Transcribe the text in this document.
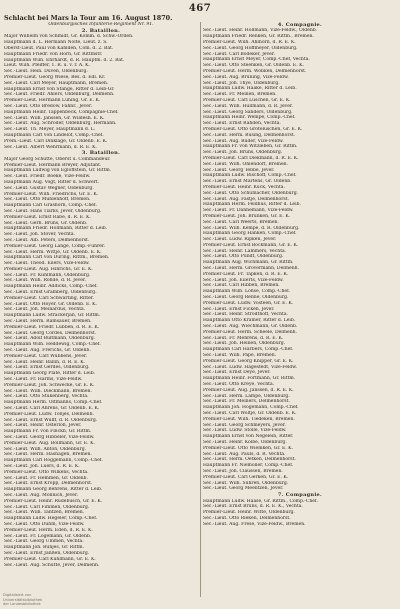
467
Schlacht bei Mars la Tour am 16. August 1870.
Oldenburgisches Infanterie-Regiment Nr. 91.
2. Bataillon.
Major Wilhelm von Schmidt, Gr. Komm. d. Schw.-Orden.
Hauptmann d. L. Hermann Nolte, Lieut. z. S.
Oberst-Lieut. Paul von Kahlden, Com. d. 2. Bat.
Hauptmann Friedr. von Horn, Gr. Rittmstr.
Hauptmann Wilh. Ehrhardt, d. R. Hauptm. d. 2. Bat.
Lieut. Wilh. Pfeiffer, 1. R. u. v. r. A. K.
Sec.-Lieut. Hein. Duven, Oldenburg.
Premier-Lieut. Georg Wiese, Bes. d. Edl. Kr.
Sec.-Lieut. Carl Meyer, Hauptmann, Bremen.
Hauptmann Ernst von Stange, Ritter d. Leib-Gr.
Sec.-Lieut. Friedr. Ahlers, Oldenburg, Delmenh.
Premier-Lieut. Hermann Lüning, Gr. E. K.
Sec.-Lieut. Otto Bredow, Fähnr., Jever.
Hauptmann Heinr. Tappenbeck, Compagnie-Chef.
Sec.-Lieut. Wilh. Janssen, Gr. Wildesh. E. K.
Sec.-Lieut. Aug. Schröder, Oldenburg, Hermann.
Sec.-Lieut. Th. Meyer, Hauptmann d. L.
Hauptmann Carl von Lindelof, Comp.-Chef.
Prem.-Lieut. Carl Dinklage, Gr. Oldenb. E. K.
Sec.-Lieut. Albert Wehrmann, d. R. E. K.
3. Bataillon.
Major Georg Schütte, Oberst u. Commandeur.
Premier-Lieut. Hermann Breyer, Adjutant.
Hauptmann Ludwig von Egloffstein, Gr. Rittm.
Sec.-Lieut. Friedr. Boeke, Vize-Feldw.
Hauptmann Aug. Vogt, Ritter d. Schwert.
Sec.-Lieut. Gustav Wegner, Oldenburg.
Premier-Lieut. Wilh. Friedrichs, Gr. E. K.
Sec.-Lieut. Otto Mühlenhoff, Bremen.
Hauptmann Carl Grashorn, Comp.-Chef.
Sec.-Lieut. Hans Tiarks, Jever, Oldenburg.
Premier-Lieut. Ernst Rabe, d. R. E. K.
Sec.-Lieut. Gerh. Bruns, Gr. Oldenb.
Hauptmann Friedr. Hollmann, Ritter d. Leib.
Sec.-Lieut. Joh. Stöver, Vechta.
Sec.-Lieut. Alb. Peters, Delmenhorst.
Premier-Lieut. Georg Lange, Comp.-Führer.
Sec.-Lieut. Herm. Wittje, Gr. Oldenb. E. K.
Hauptmann Carl von Düring, Rittm., Bremen.
Sec.-Lieut. Theod. Eilers, Vize-Feldw.
Premier-Lieut. Aug. Hinrichs, Gr. E. K.
Sec.-Lieut. Fr. Kuhlmann, Oldenburg.
Sec.-Lieut. Wilh. Rohde, d. R. Jever.
Hauptmann Heinr. Addicks, Comp.-Chef.
Sec.-Lieut. Ernst Gramberg, Oldenburg.
Premier-Lieut. Carl Schwarting, Ritter.
Sec.-Lieut. Otto Hoyer, Gr. Oldenb. E. K.
Sec.-Lieut. Joh. Meinardus, Vechta.
Hauptmann Ludw. Strackerjan, Gr. Rittm.
Sec.-Lieut. Herm. Ramsauer, Bremen.
Premier-Lieut. Friedr. Lübben, d. R. E. K.
Sec.-Lieut. Georg Cordes, Delmenhorst.
Sec.-Lieut. Adolf Bultmann, Oldenburg.
Hauptmann Wilh. Heddewig, Comp.-Chef.
Sec.-Lieut. Aug. Frerichs, Gr. Oldenb.
Premier-Lieut. Carl Wübbens, Jever.
Sec.-Lieut. Heinr. Ballin, d. R. E. K.
Sec.-Lieut. Ernst Gerdes, Oldenburg.
Hauptmann Georg Plate, Ritter d. Leib.
Sec.-Lieut. Fr. Harms, Vize-Feldw.
Premier-Lieut. Joh. Schwecke, Gr. E. K.
Sec.-Lieut. Wilh. Dieckmann, Bremen.
Sec.-Lieut. Otto Stukenberg, Vechta.
Hauptmann Herm. Oltmanns, Comp.-Chef.
Sec.-Lieut. Carl Ahrens, Gr. Oldenb. E. K.
Premier-Lieut. Ludw. Tönjes, Delmenh.
Sec.-Lieut. Ernst Wulff, d. R. Oldenburg.
Sec.-Lieut. Heinr. Osterloh, Jever.
Hauptmann Fr. von Finckh, Gr. Rittm.
Sec.-Lieut. Georg Hibbeler, Vize-Feldw.
Premier-Lieut. Aug. Bollmann, Gr. E. K.
Sec.-Lieut. Wilh. Anton, Oldenburg.
Sec.-Lieut. Herm. Hashagen, Bremen.
Hauptmann Carl Roggemann, Comp.-Chef.
Sec.-Lieut. Joh. Lüers, d. R. E. K.
Premier-Lieut. Otto Wilkens, Vechta.
Sec.-Lieut. Fr. Hemmen, Gr. Oldenb.
Sec.-Lieut. Ernst Kropp, Delmenhorst.
Hauptmann Georg Behrens, Ritter d. Leib.
Sec.-Lieut. Aug. Mönnich, Jever.
Premier-Lieut. Heinr. Rüdebusch, Gr. E. K.
Sec.-Lieut. Carl Fimmen, Oldenburg.
Sec.-Lieut. Wilh. Tantzen, Bremen.
Hauptmann Ludw. Hegeler, Comp.-Chef.
Sec.-Lieut. Otto Duhm, Vize-Feldw.
Premier-Lieut. Herm. Eden, d. R. E. K.
Sec.-Lieut. Fr. Logemann, Gr. Oldenb.
Sec.-Lieut. Georg Ummen, Vechta.
Hauptmann Joh. Bunjes, Gr. Rittm.
Sec.-Lieut. Ernst Janßen, Oldenburg.
Premier-Lieut. Carl Kuhlmann, Gr. E. K.
Sec.-Lieut. Aug. Schütte, Jever, Delmenh.
4. Compagnie.
Sec.-Lieut. Heinr. Hollmann, Vize-Feldw., Oldenb.
Hauptmann Friedr. Renken, Gr. Rittm., Bremen.
Premier-Lieut. Wilh. Ahlhorn, d. R. E. K.
Sec.-Lieut. Georg Hoffmeyer, Oldenburg.
Sec.-Lieut. Carl Bödeker, Jever.
Hauptmann Ernst Meyer, Comp.-Chef, Vechta.
Sec.-Lieut. Otto Steenken, Gr. Oldenb. E. K.
Premier-Lieut. Herm. Wöbken, Delmenhorst.
Sec.-Lieut. Aug. Brüning, Vize-Feldw.
Sec.-Lieut. Joh. Thye, Oldenburg.
Hauptmann Ludw. Haake, Ritter d. Leib.
Sec.-Lieut. Fr. Meinen, Bremen.
Premier-Lieut. Carl Lüschen, Gr. E. K.
Sec.-Lieut. Wilh. Hullmann, d. R. Jever.
Sec.-Lieut. Georg Sanders, Oldenburg.
Hauptmann Heinr. Wempe, Comp.-Chef.
Sec.-Lieut. Ernst Rahden, Vechta.
Premier-Lieut. Otto Grotelüschen, Gr. E. K.
Sec.-Lieut. Herm. Büsing, Delmenhorst.
Sec.-Lieut. Aug. Rüder, Vize-Feldw.
Hauptmann Fr. von Witzleben, Gr. Rittm.
Sec.-Lieut. Joh. Bruns, Oldenburg.
Premier-Lieut. Carl Diekmann, d. R. E. K.
Sec.-Lieut. Wilh. Ohlendorf, Bremen.
Sec.-Lieut. Georg Tebbe, Jever.
Hauptmann Ludw. Bischoff, Comp.-Chef.
Sec.-Lieut. Ernst Martens, Gr. Oldenb.
Premier-Lieut. Heinr. Kück, Vechta.
Sec.-Lieut. Otto Schumacher, Oldenburg.
Sec.-Lieut. Aug. Fastje, Delmenhorst.
Hauptmann Herm. Feldhus, Ritter d. Leib.
Sec.-Lieut. Fr. Dannemann, Vize-Feldw.
Premier-Lieut. Joh. Brunken, Gr. E. K.
Sec.-Lieut. Carl Weerts, Bremen.
Sec.-Lieut. Wilh. Kempe, d. R. Oldenburg.
Hauptmann Georg Hanken, Comp.-Chef.
Sec.-Lieut. Ludw. Ripken, Jever.
Premier-Lieut. Ernst Böckmann, Gr. E. K.
Sec.-Lieut. Heinr. Lammers, Vechta.
Sec.-Lieut. Otto Pundt, Oldenburg.
Hauptmann Aug. Wichmann, Gr. Rittm.
Sec.-Lieut. Herm. Grovermann, Delmenh.
Premier-Lieut. Fr. Tapken, d. R. E. K.
Sec.-Lieut. Joh. Eilerts, Vize-Feldw.
Sec.-Lieut. Carl Hibben, Bremen.
Hauptmann Wilh. Lohse, Comp.-Chef.
Sec.-Lieut. Georg Renne, Oldenburg.
Premier-Lieut. Ludw. Vosteen, Gr. E. K.
Sec.-Lieut. Ernst Ficken, Jever.
Sec.-Lieut. Heinr. Strodthoff, Vechta.
Hauptmann Otto Kramer, Ritter d. Leib.
Sec.-Lieut. Aug. Wiechmann, Gr. Oldenb.
Premier-Lieut. Herm. Scheele, Delmenh.
Sec.-Lieut. Fr. Mehrens, d. R. E. K.
Sec.-Lieut. Joh. Heinen, Oldenburg.
Hauptmann Carl Harbers, Comp.-Chef.
Sec.-Lieut. Wilh. Pape, Bremen.
Premier-Lieut. Georg Knipper, Gr. E. K.
Sec.-Lieut. Ludw. Hagestedt, Vize-Feldw.
Sec.-Lieut. Ernst Deye, Jever.
Hauptmann Heinr. Fortmann, Gr. Rittm.
Sec.-Lieut. Otto Kreye, Vechta.
Premier-Lieut. Aug. Janssen, d. R. E. K.
Sec.-Lieut. Herm. Lampe, Oldenburg.
Sec.-Lieut. Fr. Meiners, Delmenhorst.
Hauptmann Joh. Högemann, Comp.-Chef.
Sec.-Lieut. Carl Wöltje, Gr. Oldenb. E. K.
Premier-Lieut. Wilh. Tiedeken, Bremen.
Sec.-Lieut. Georg Schmeyers, Jever.
Sec.-Lieut. Ludw. Stolle, Vize-Feldw.
Hauptmann Ernst von Negelein, Ritter.
Sec.-Lieut. Heinr. Kolbe, Oldenburg.
Premier-Lieut. Otto Wiemken, Gr. E. K.
Sec.-Lieut. Aug. Pauls, d. R. Vechta.
Sec.-Lieut. Herm. Oetken, Delmenhorst.
Hauptmann Fr. Niemöller, Comp.-Chef.
Sec.-Lieut. Joh. Claussen, Bremen.
Premier-Lieut. Carl Gerken, Gr. E. K.
Sec.-Lieut. Wilh. Suhren, Oldenburg.
Sec.-Lieut. Georg Meentzen, Jever.
7. Compagnie.
Hauptmann Ludw. Haase, Gr. Rittm., Comp.-Chef.
Sec.-Lieut. Ernst Bruns, d. R. E. K., Vechta.
Premier-Lieut. Heinr. Witte, Oldenburg.
Sec.-Lieut. Otto Rieken, Delmenhorst.
Sec.-Lieut. Aug. Frese, Vize-Feldw., Bremen.
Digitalisiert von
Universitätsbibliothek
der Landesbibliothek
